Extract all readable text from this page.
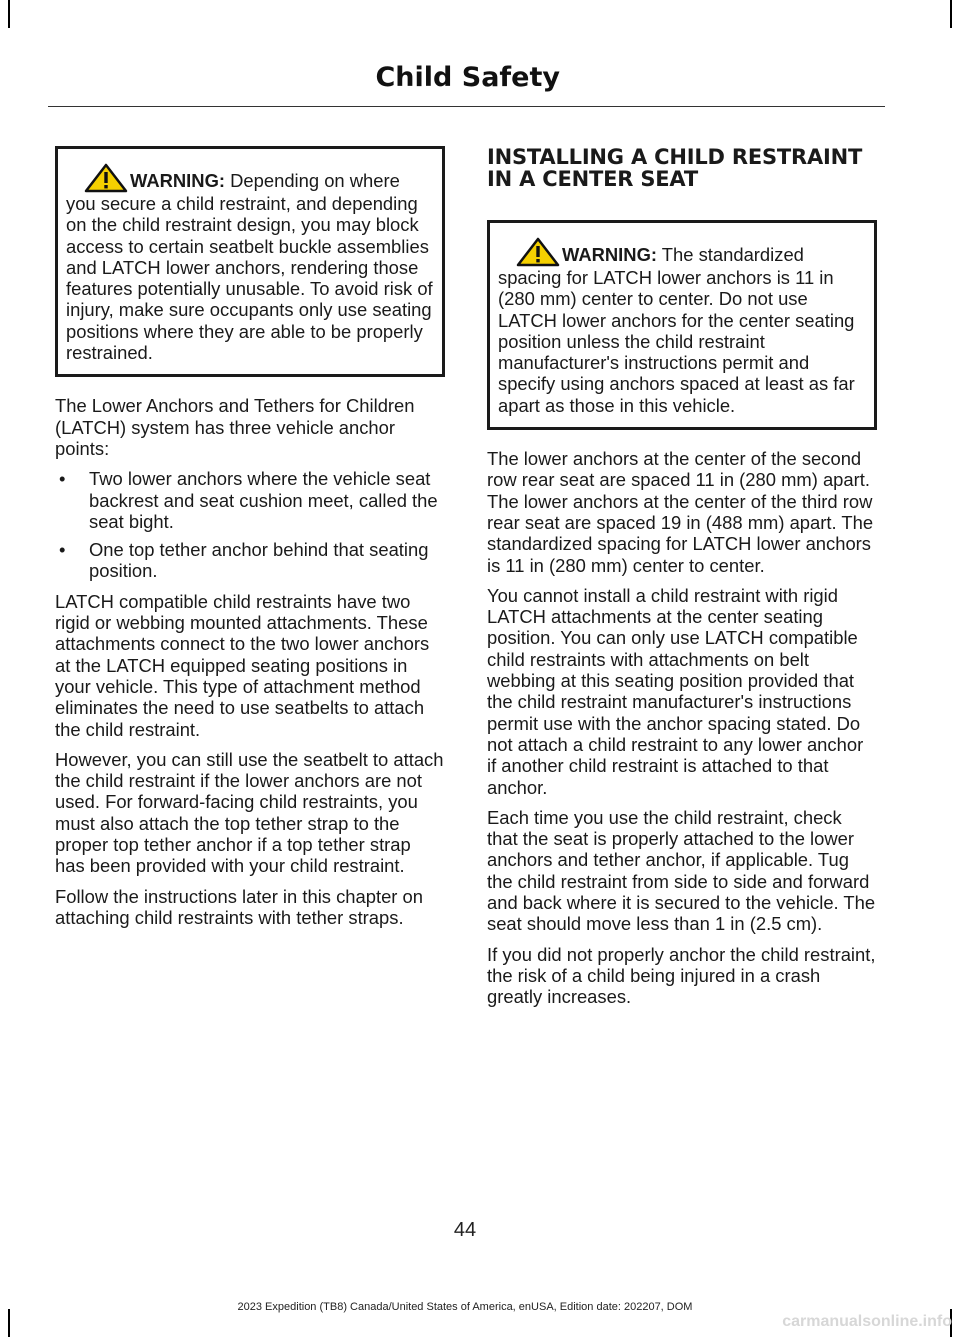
Child Safety
WARNING: Depending on where you secure a child restraint, and depending on the child restraint design, you may block access to certain seatbelt buckle assemblies and LATCH lower anchors, rendering those features potentially unusable. To avoid risk of injury, make sure occupants only use seating positions where they are able to be properly restrained.

The Lower Anchors and Tethers for Children (LATCH) system has three vehicle anchor points:

• Two lower anchors where the vehicle seat backrest and seat cushion meet, called the seat bight.
• One top tether anchor behind that seating position.

LATCH compatible child restraints have two rigid or webbing mounted attachments. These attachments connect to the two lower anchors at the LATCH equipped seating positions in your vehicle. This type of attachment method eliminates the need to use seatbelts to attach the child restraint.

However, you can still use the seatbelt to attach the child restraint if the lower anchors are not used. For forward-facing child restraints, you must also attach the top tether strap to the proper top tether anchor if a top tether strap has been provided with your child restraint.

Follow the instructions later in this chapter on attaching child restraints with tether straps.

INSTALLING A CHILD RESTRAINT IN A CENTER SEAT
WARNING: The standardized spacing for LATCH lower anchors is 11 in (280 mm) center to center. Do not use LATCH lower anchors for the center seating position unless the child restraint manufacturer's instructions permit and specify using anchors spaced at least as far apart as those in this vehicle.

The lower anchors at the center of the second row rear seat are spaced 11 in (280 mm) apart. The lower anchors at the center of the third row rear seat are spaced 19 in (488 mm) apart. The standardized spacing for LATCH lower anchors is 11 in (280 mm) center to center.

You cannot install a child restraint with rigid LATCH attachments at the center seating position. You can only use LATCH compatible child restraints with attachments on belt webbing at this seating position provided that the child restraint manufacturer's instructions permit use with the anchor spacing stated. Do not attach a child restraint to any lower anchor if another child restraint is attached to that anchor.

Each time you use the child restraint, check that the seat is properly attached to the lower anchors and tether anchor, if applicable. Tug the child restraint from side to side and forward and back where it is secured to the vehicle. The seat should move less than 1 in (2.5 cm).

If you did not properly anchor the child restraint, the risk of a child being injured in a crash greatly increases.

44
2023 Expedition (TB8) Canada/United States of America, enUSA, Edition date: 202207, DOM
carmanualsonline.info
